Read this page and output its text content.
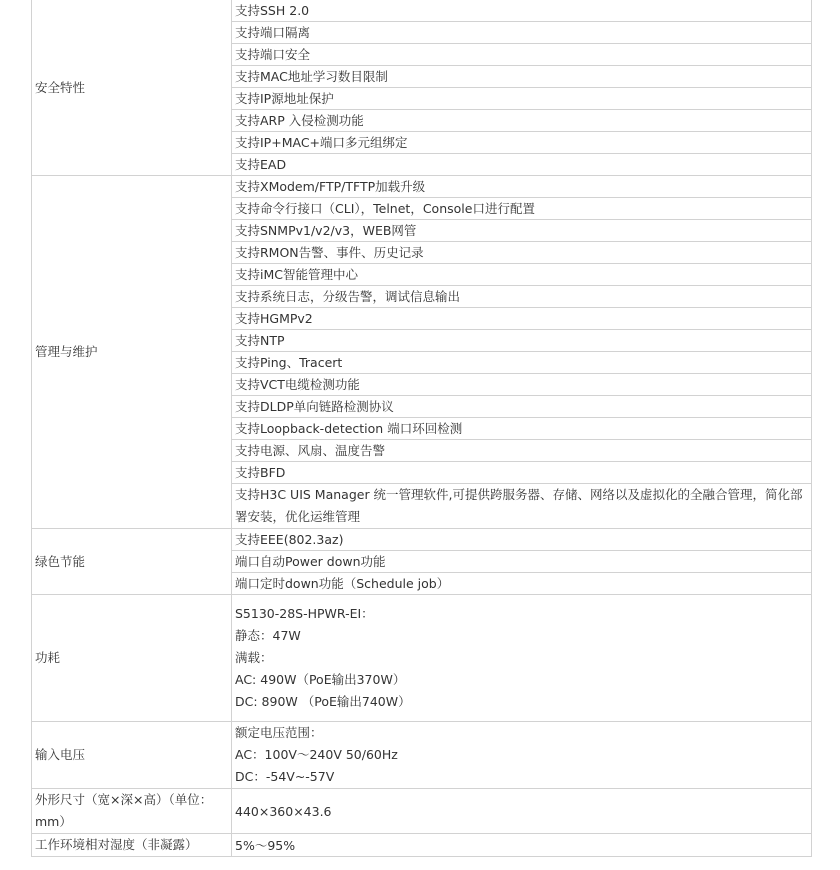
安全特性	支持SSH 2.0
	支持端口隔离
	支持端口安全
	支持MAC地址学习数目限制
	支持IP源地址保护
	支持ARP 入侵检测功能
	支持IP+MAC+端口多元组绑定
	支持EAD
管理与维护	支持XModem/FTP/TFTP加载升级
	支持命令行接口（CLI），Telnet，Console口进行配置
	支持SNMPv1/v2/v3，WEB网管
	支持RMON告警、事件、历史记录
	支持iMC智能管理中心
	支持系统日志，分级告警，调试信息输出
	支持HGMPv2
	支持NTP
	支持Ping、Tracert
	支持VCT电缆检测功能
	支持DLDP单向链路检测协议
	支持Loopback-detection 端口环回检测
	支持电源、风扇、温度告警
	支持BFD
	支持H3C UIS Manager 统一管理软件,可提供跨服务器、存储、网络以及虚拟化的全融合管理，简化部署安装，优化运维管理
绿色节能	支持EEE(802.3az)
	端口自动Power down功能
	端口定时down功能（Schedule job）
功耗	S5130-28S-HPWR-EI：
静态：47W
满载：
AC: 490W（PoE输出370W）
DC: 890W （PoE输出740W）

输入电压	额定电压范围：
AC：100V～240V 50/60Hz
DC：-54V~-57V

外形尺寸（宽×深×高）（单位：mm）	440×360×43.6
工作环境相对湿度（非凝露）	5%～95%
